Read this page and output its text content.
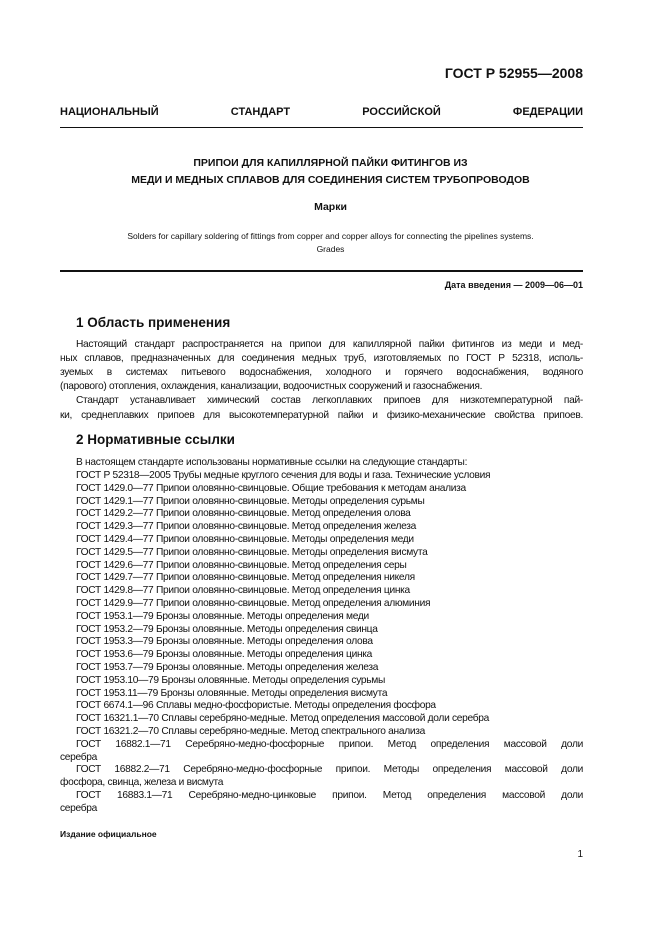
ГОСТ Р 52955—2008
НАЦИОНАЛЬНЫЙ СТАНДАРТ РОССИЙСКОЙ ФЕДЕРАЦИИ
ПРИПОИ ДЛЯ КАПИЛЛЯРНОЙ ПАЙКИ ФИТИНГОВ ИЗ
МЕДИ И МЕДНЫХ СПЛАВОВ ДЛЯ СОЕДИНЕНИЯ СИСТЕМ ТРУБОПРОВОДОВ
Марки
Solders for capillary soldering of fittings from copper and copper alloys for connecting the pipelines systems.
Grades
Дата введения — 2009—06—01
1 Область применения
Настоящий стандарт распространяется на припои для капиллярной пайки фитингов из меди и мед-
ных сплавов, предназначенных для соединения медных труб, изготовляемых по ГОСТ Р 52318, исполь-
зуемых в системах питьевого водоснабжения, холодного и горячего водоснабжения, водяного
(парового) отопления, охлаждения, канализации, водоочистных сооружений и газоснабжения.
Стандарт устанавливает химический состав легкоплавких припоев для низкотемпературной пай-
ки, среднеплавких припоев для высокотемпературной пайки и физико-механические свойства припоев.
2 Нормативные ссылки
В настоящем стандарте использованы нормативные ссылки на следующие стандарты:
ГОСТ Р 52318—2005 Трубы медные круглого сечения для воды и газа. Технические условия
ГОСТ 1429.0—77 Припои оловянно-свинцовые. Общие требования к методам анализа
ГОСТ 1429.1—77 Припои оловянно-свинцовые. Методы определения сурьмы
ГОСТ 1429.2—77 Припои оловянно-свинцовые. Метод определения олова
ГОСТ 1429.3—77 Припои оловянно-свинцовые. Метод определения железа
ГОСТ 1429.4—77 Припои оловянно-свинцовые. Методы определения меди
ГОСТ 1429.5—77 Припои оловянно-свинцовые. Методы определения висмута
ГОСТ 1429.6—77 Припои оловянно-свинцовые. Метод определения серы
ГОСТ 1429.7—77 Припои оловянно-свинцовые. Метод определения никеля
ГОСТ 1429.8—77 Припои оловянно-свинцовые. Метод определения цинка
ГОСТ 1429.9—77 Припои оловянно-свинцовые. Метод определения алюминия
ГОСТ 1953.1—79 Бронзы оловянные. Методы определения меди
ГОСТ 1953.2—79 Бронзы оловянные. Методы определения свинца
ГОСТ 1953.3—79 Бронзы оловянные. Методы определения олова
ГОСТ 1953.6—79 Бронзы оловянные. Методы определения цинка
ГОСТ 1953.7—79 Бронзы оловянные. Методы определения железа
ГОСТ 1953.10—79 Бронзы оловянные. Методы определения сурьмы
ГОСТ 1953.11—79 Бронзы оловянные. Методы определения висмута
ГОСТ 6674.1—96 Сплавы медно-фосфористые. Методы определения фосфора
ГОСТ 16321.1—70 Сплавы серебряно-медные. Метод определения массовой доли серебра
ГОСТ 16321.2—70 Сплавы серебряно-медные. Метод спектрального анализа
ГОСТ 16882.1—71 Серебряно-медно-фосфорные припои. Метод определения массовой доли
серебра
ГОСТ 16882.2—71 Серебряно-медно-фосфорные припои. Методы определения массовой доли
фосфора, свинца, железа и висмута
ГОСТ 16883.1—71 Серебряно-медно-цинковые припои. Метод определения массовой доли
серебра
Издание официальное
1
